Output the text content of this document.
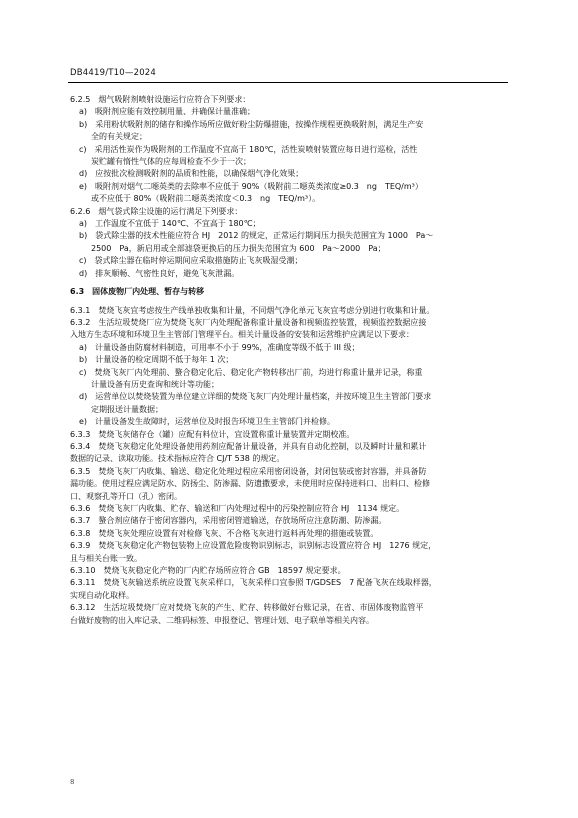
DB4419/T10—2024
6.2.5　烟气吸附剂喷射设施运行应符合下列要求：
a)　吸附剂应能有效控制用量、并确保计量准确；
b)　采用粉状吸附剂的储存和操作场所应做好粉尘防爆措施，按操作规程更换吸附剂，满足生产安
全的有关规定；
c)　采用活性炭作为吸附剂的工作温度不宜高于 180℃，活性炭喷射装置应每日进行巡检，活性
炭贮罐有惰性气体的应每周检查不少于一次；
d)　应按批次检测吸附剂的品质和性能，以确保烟气净化效果；
e)　吸附剂对烟气二噁英类的去除率不应低于 90%（吸附前二噁英类浓度≥0.3　ng　TEQ/m³）
或不应低于 80%（吸附前二噁英类浓度＜0.3　ng　TEQ/m³）。
6.2.6　烟气袋式除尘设施的运行满足下列要求：
a)　工作温度不宜低于 140℃、不宜高于 180℃；
b)　袋式除尘器的技术性能应符合 HJ　2012 的规定，正常运行期间压力损失范围宜为 1000　Pa～
2500　Pa，新启用或全部滤袋更换后的压力损失范围宜为 600　Pa～2000　Pa；
c)　袋式除尘器在临时停运期间应采取措施防止飞灰吸湿受潮；
d)　排灰顺畅、气密性良好，避免飞灰泄漏。
6.3　固体废物厂内处理、暂存与转移
6.3.1　焚烧飞灰宜考虑按生产线单独收集和计量，不同烟气净化单元飞灰宜考虑分别进行收集和计量。
6.3.2　生活垃圾焚烧厂应为焚烧飞灰厂内处理配备称重计量设备和视频监控装置，视频监控数据应接
入地方生态环境和环境卫生主管部门管理平台。相关计量设备的安装和运营维护应满足以下要求：
a)　计量设备由防腐材料制造，可用率不小于 99%，准确度等级不低于 III 级；
b)　计量设备的检定周期不低于每年 1 次；
c)　焚烧飞灰厂内处理前、螯合稳定化后、稳定化产物转移出厂前，均进行称重计量并记录，称重
计量设备有历史查询和统计等功能；
d)　运营单位以焚烧装置为单位建立详细的焚烧飞灰厂内处理计量档案，并按环境卫生主管部门要求
定期报送计量数据；
e)　计量设备发生故障时，运营单位及时报告环境卫生主管部门并检修。
6.3.3　焚烧飞灰储存仓（罐）应配有料位计，宜设置称重计量装置并定期校准。
6.3.4　焚烧飞灰稳定化处理设备使用药剂应配备计量设备，并具有自动化控制，以及瞬时计量和累计
数据的记录、读取功能。技术指标应符合 CJ/T 538 的规定。
6.3.5　焚烧飞灰厂内收集、输送、稳定化处理过程应采用密闭设备，封闭包装或密封容器，并具备防
漏功能。使用过程应满足防水、防扬尘、防渗漏、防遗撒要求，未使用时应保持进料口、出料口、检修
口、观察孔等开口（孔）密闭。
6.3.6　焚烧飞灰厂内收集、贮存、输送和厂内处理过程中的污染控制应符合 HJ　1134 规定。
6.3.7　螯合剂应储存于密闭容器内，采用密闭管道输送，存放场所应注意防潮、防渗漏。
6.3.8　焚烧飞灰处理应设置有对检修飞灰、不合格飞灰进行返料再处理的措施或装置。
6.3.9　焚烧飞灰稳定化产物包装物上应设置危险废物识别标志，识别标志设置应符合 HJ　1276 规定，
且与相关台账一致。
6.3.10　焚烧飞灰稳定化产物的厂内贮存场所应符合 GB　18597 规定要求。
6.3.11　焚烧飞灰输送系统应设置飞灰采样口，飞灰采样口宜参照 T/GDSES　7 配备飞灰在线取样器，
实现自动化取样。
6.3.12　生活垃圾焚烧厂应对焚烧飞灰的产生、贮存、转移做好台账记录，在省、市固体废物监管平
台做好废物的出入库记录、二维码标签、申报登记、管理计划、电子联单等相关内容。
8
